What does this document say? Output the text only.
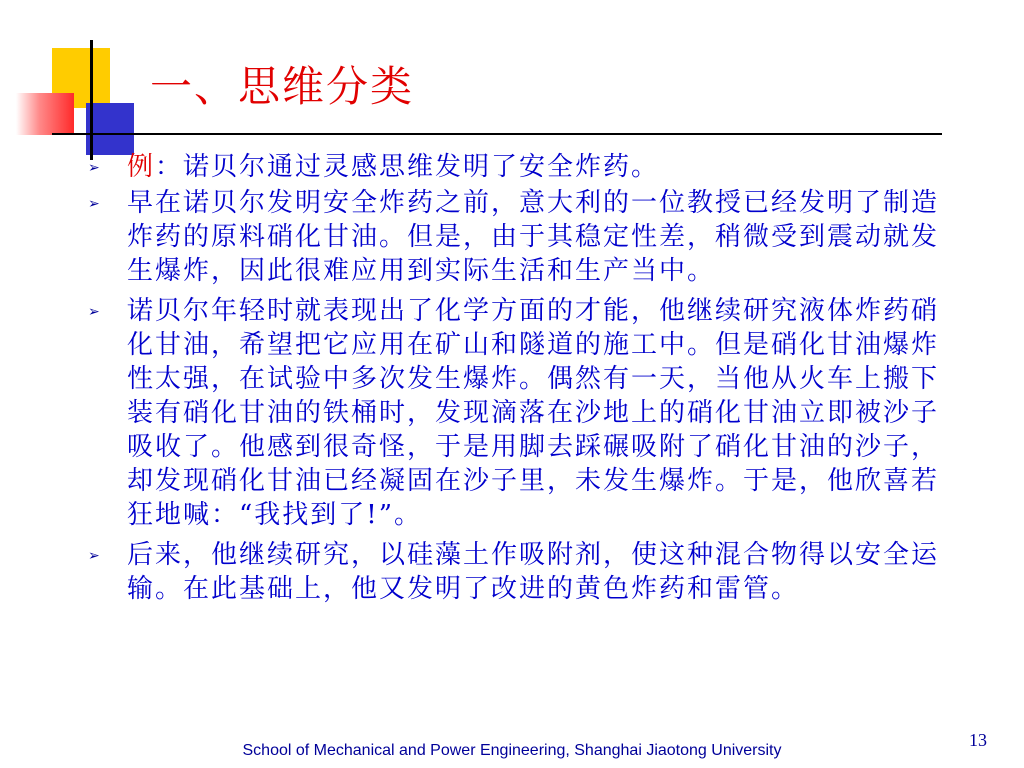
一、思维分类
➢ 例：诺贝尔通过灵感思维发明了安全炸药。
➢ 早在诺贝尔发明安全炸药之前，意大利的一位教授已经发明了制造炸药的原料硝化甘油。但是，由于其稳定性差，稍微受到震动就发生爆炸，因此很难应用到实际生活和生产当中。
➢ 诺贝尔年轻时就表现出了化学方面的才能，他继续研究液体炸药硝化甘油，希望把它应用在矿山和隧道的施工中。但是硝化甘油爆炸性太强，在试验中多次发生爆炸。偶然有一天，当他从火车上搬下装有硝化甘油的铁桶时，发现滴落在沙地上的硝化甘油立即被沙子吸收了。他感到很奇怪，于是用脚去踩碾吸附了硝化甘油的沙子，却发现硝化甘油已经凝固在沙子里，未发生爆炸。于是，他欣喜若狂地喊：“我找到了!”。
➢ 后来，他继续研究，以硅藻土作吸附剂，使这种混合物得以安全运输。在此基础上，他又发明了改进的黄色炸药和雷管。
13
School of Mechanical and Power Engineering, Shanghai Jiaotong University
